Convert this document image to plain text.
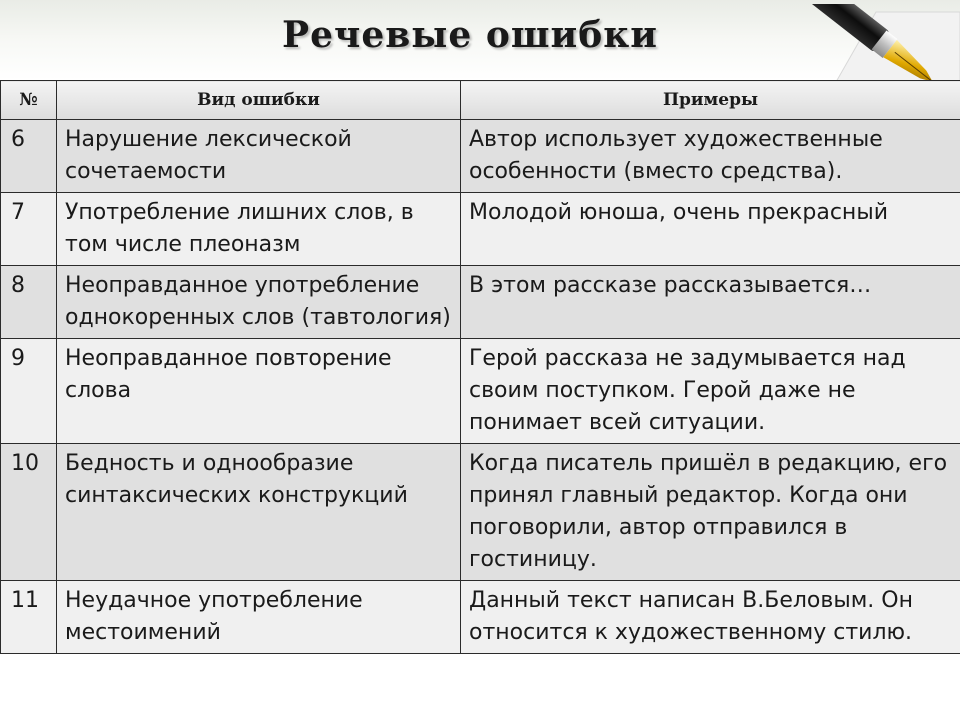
Речевые ошибки
№	Вид ошибки	Примеры
6	Нарушение лексической сочетаемости	Автор использует художественные особенности (вместо средства).
7	Употребление лишних слов, в том числе плеоназм	Молодой юноша, очень прекрасный
8	Неоправданное употребление однокоренных слов (тавтология)	В этом рассказе рассказывается…
9	Неоправданное повторение слова	Герой рассказа не задумывается над своим поступком. Герой даже не понимает всей ситуации.
10	Бедность и однообразие синтаксических конструкций	Когда писатель пришёл в редакцию, его принял главный редактор. Когда они поговорили, автор отправился в гостиницу.
11	Неудачное употребление местоимений	Данный текст написан В.Беловым. Он относится к художественному стилю.
